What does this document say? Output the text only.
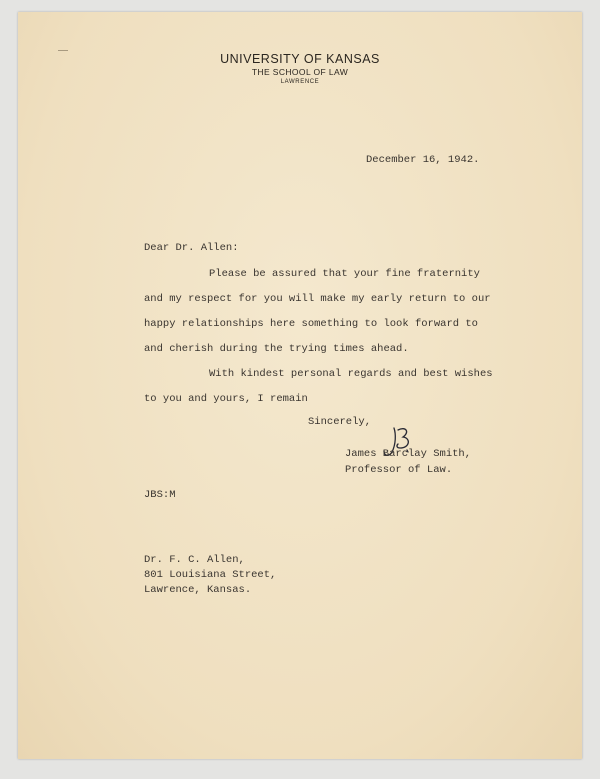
UNIVERSITY OF KANSAS
THE SCHOOL OF LAW
LAWRENCE
December 16, 1942.
Dear Dr. Allen:
Please be assured that your fine fraternity
and my respect for you will make my early return to our
happy relationships here something to look forward to
and cherish during the trying times ahead.
With kindest personal regards and best wishes
to you and yours, I remain
Sincerely,
James Barclay Smith,
Professor of Law.
JBS:M
Dr. F. C. Allen,
801 Louisiana Street,
Lawrence, Kansas.
